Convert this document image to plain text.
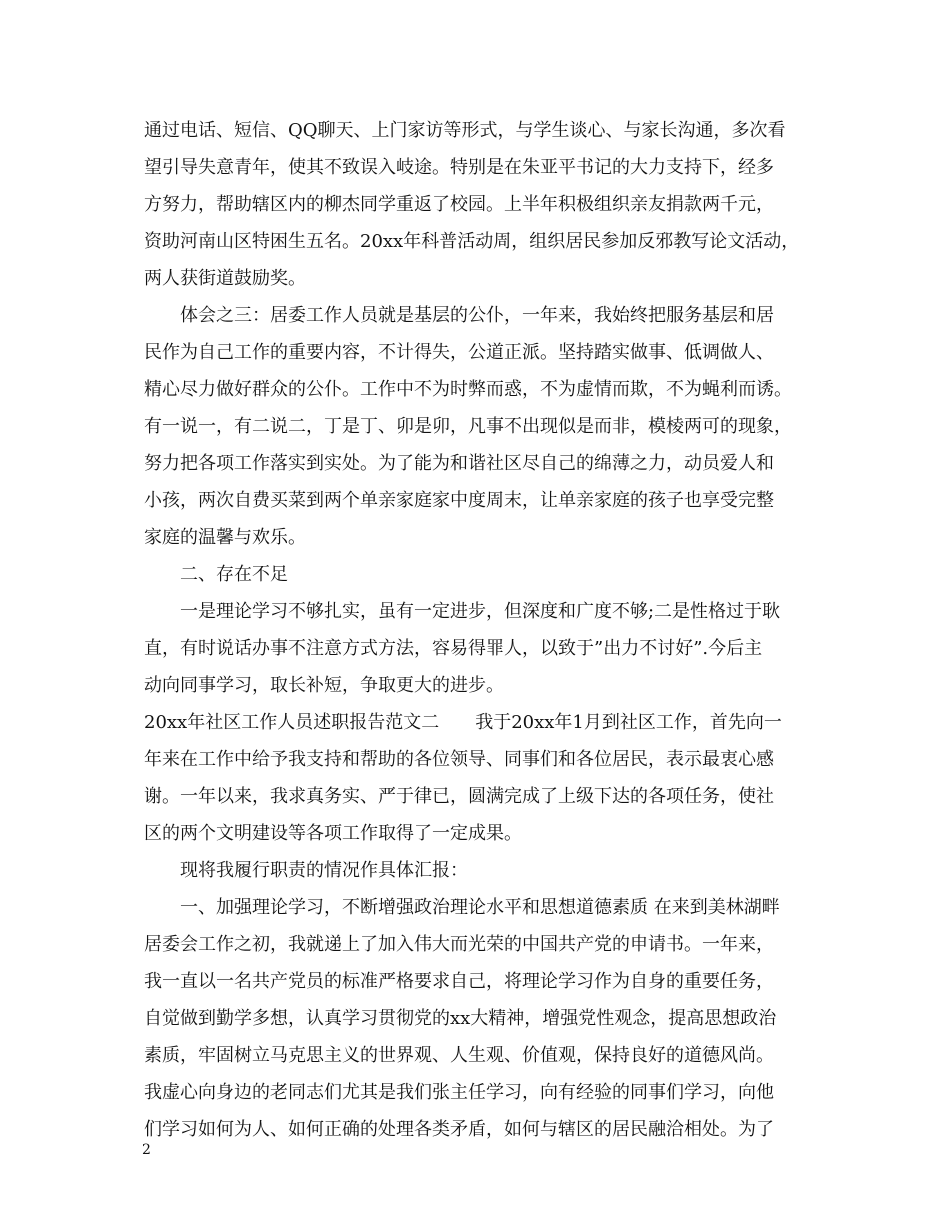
通过电话、短信、QQ聊天、上门家访等形式，与学生谈心、与家长沟通，多次看
望引导失意青年，使其不致误入岐途。特别是在朱亚平书记的大力支持下，经多
方努力，帮助辖区内的柳杰同学重返了校园。上半年积极组织亲友捐款两千元，
资助河南山区特困生五名。20xx年科普活动周，组织居民参加反邪教写论文活动，
两人获街道鼓励奖。
　　体会之三：居委工作人员就是基层的公仆，一年来，我始终把服务基层和居
民作为自己工作的重要内容，不计得失，公道正派。坚持踏实做事、低调做人、
精心尽力做好群众的公仆。工作中不为时弊而惑，不为虚情而欺，不为蝇利而诱。
有一说一，有二说二，丁是丁、卯是卯，凡事不出现似是而非，模棱两可的现象，
努力把各项工作落实到实处。为了能为和谐社区尽自己的绵薄之力，动员爱人和
小孩，两次自费买菜到两个单亲家庭家中度周末，让单亲家庭的孩子也享受完整
家庭的温馨与欢乐。
　　二、存在不足
　　一是理论学习不够扎实，虽有一定进步，但深度和广度不够;二是性格过于耿
直，有时说话办事不注意方式方法，容易得罪人，以致于”出力不讨好”.今后主
动向同事学习，取长补短，争取更大的进步。
20xx年社区工作人员述职报告范文二　　我于20xx年1月到社区工作，首先向一
年来在工作中给予我支持和帮助的各位领导、同事们和各位居民，表示最衷心感
谢。一年以来，我求真务实、严于律已，圆满完成了上级下达的各项任务，使社
区的两个文明建设等各项工作取得了一定成果。
　　现将我履行职责的情况作具体汇报：
　　一、加强理论学习，不断增强政治理论水平和思想道德素质 在来到美林湖畔
居委会工作之初，我就递上了加入伟大而光荣的中国共产党的申请书。一年来，
我一直以一名共产党员的标准严格要求自己，将理论学习作为自身的重要任务，
自觉做到勤学多想，认真学习贯彻党的xx大精神，增强党性观念，提高思想政治
素质，牢固树立马克思主义的世界观、人生观、价值观，保持良好的道德风尚。
我虚心向身边的老同志们尤其是我们张主任学习，向有经验的同事们学习，向他
们学习如何为人、如何正确的处理各类矛盾，如何与辖区的居民融洽相处。为了
2
